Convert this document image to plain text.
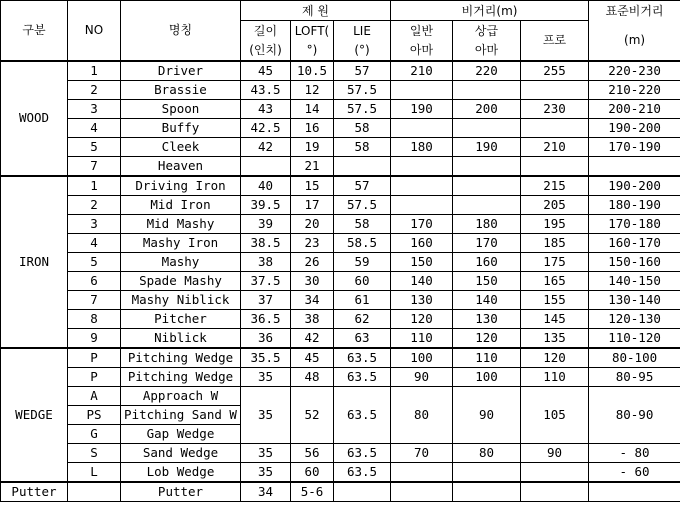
구분	NO	명칭	제 원			비거리(m)			표준비거리
			길이	LOFT(	LIE	일반	상급	프로	(m)
			(인치)	°)	(°)	아마	아마		
WOOD	1	Driver	45	10.5	57	210	220	255	220-230
	2	Brassie	43.5	12	57.5				210-220
	3	Spoon	43	14	57.5	190	200	230	200-210
	4	Buffy	42.5	16	58				190-200
	5	Cleek	42	19	58	180	190	210	170-190
	7	Heaven		21					
IRON	1	Driving Iron	40	15	57			215	190-200
	2	Mid Iron	39.5	17	57.5			205	180-190
	3	Mid Mashy	39	20	58	170	180	195	170-180
	4	Mashy Iron	38.5	23	58.5	160	170	185	160-170
	5	Mashy	38	26	59	150	160	175	150-160
	6	Spade Mashy	37.5	30	60	140	150	165	140-150
	7	Mashy Niblick	37	34	61	130	140	155	130-140
	8	Pitcher	36.5	38	62	120	130	145	120-130
	9	Niblick	36	42	63	110	120	135	110-120
WEDGE	P	Pitching Wedge	35.5	45	63.5	100	110	120	80-100
	P	Pitching Wedge	35	48	63.5	90	100	110	80-95
	A	Approach W	35	52	63.5	80	90	105	80-90
	PS	Pitching Sand W							
	G	Gap Wedge							
	S	Sand Wedge	35	56	63.5	70	80	90	- 80
	L	Lob Wedge	35	60	63.5				- 60
Putter		Putter	34	5-6					
